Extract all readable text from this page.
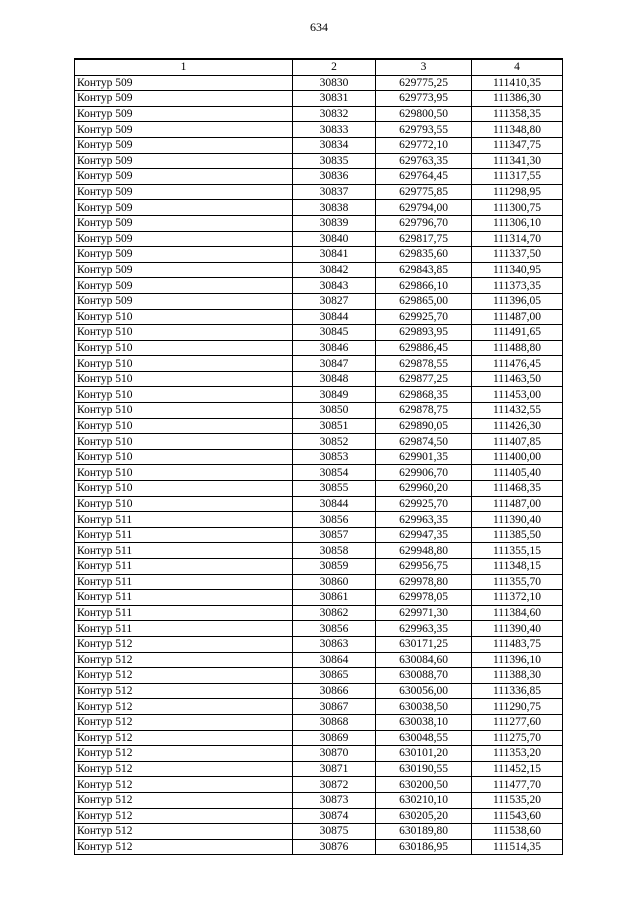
634
1	2	3	4
Контур 509	30830	629775,25	111410,35
Контур 509	30831	629773,95	111386,30
Контур 509	30832	629800,50	111358,35
Контур 509	30833	629793,55	111348,80
Контур 509	30834	629772,10	111347,75
Контур 509	30835	629763,35	111341,30
Контур 509	30836	629764,45	111317,55
Контур 509	30837	629775,85	111298,95
Контур 509	30838	629794,00	111300,75
Контур 509	30839	629796,70	111306,10
Контур 509	30840	629817,75	111314,70
Контур 509	30841	629835,60	111337,50
Контур 509	30842	629843,85	111340,95
Контур 509	30843	629866,10	111373,35
Контур 509	30827	629865,00	111396,05
Контур 510	30844	629925,70	111487,00
Контур 510	30845	629893,95	111491,65
Контур 510	30846	629886,45	111488,80
Контур 510	30847	629878,55	111476,45
Контур 510	30848	629877,25	111463,50
Контур 510	30849	629868,35	111453,00
Контур 510	30850	629878,75	111432,55
Контур 510	30851	629890,05	111426,30
Контур 510	30852	629874,50	111407,85
Контур 510	30853	629901,35	111400,00
Контур 510	30854	629906,70	111405,40
Контур 510	30855	629960,20	111468,35
Контур 510	30844	629925,70	111487,00
Контур 511	30856	629963,35	111390,40
Контур 511	30857	629947,35	111385,50
Контур 511	30858	629948,80	111355,15
Контур 511	30859	629956,75	111348,15
Контур 511	30860	629978,80	111355,70
Контур 511	30861	629978,05	111372,10
Контур 511	30862	629971,30	111384,60
Контур 511	30856	629963,35	111390,40
Контур 512	30863	630171,25	111483,75
Контур 512	30864	630084,60	111396,10
Контур 512	30865	630088,70	111388,30
Контур 512	30866	630056,00	111336,85
Контур 512	30867	630038,50	111290,75
Контур 512	30868	630038,10	111277,60
Контур 512	30869	630048,55	111275,70
Контур 512	30870	630101,20	111353,20
Контур 512	30871	630190,55	111452,15
Контур 512	30872	630200,50	111477,70
Контур 512	30873	630210,10	111535,20
Контур 512	30874	630205,20	111543,60
Контур 512	30875	630189,80	111538,60
Контур 512	30876	630186,95	111514,35
